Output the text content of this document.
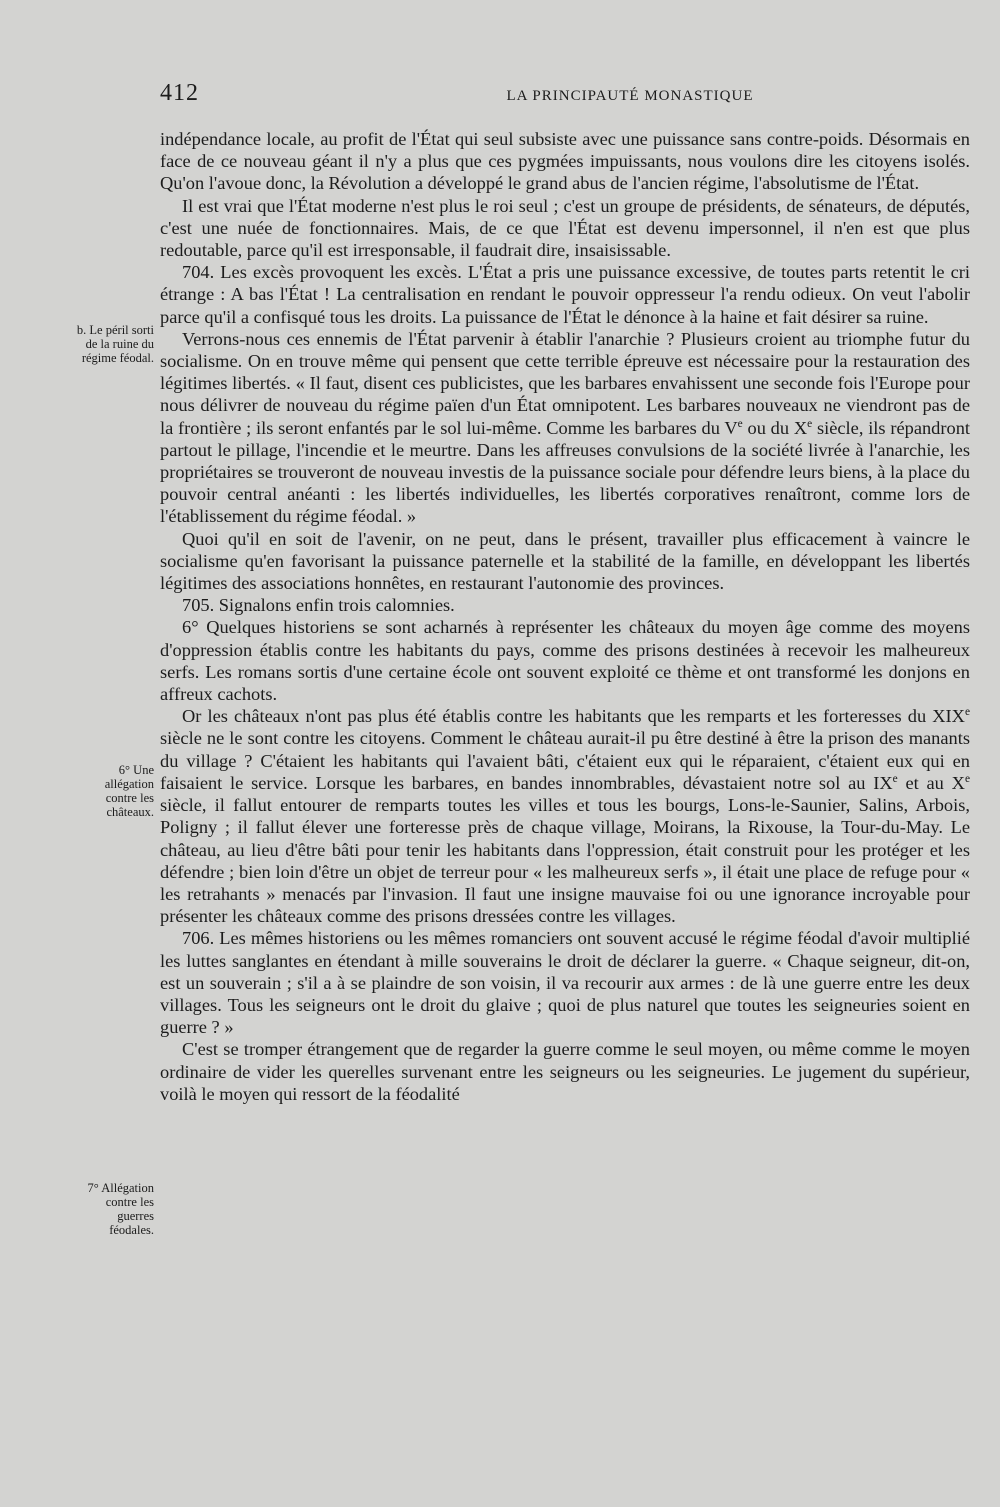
412	LA PRINCIPAUTÉ MONASTIQUE
b. Le péril sorti de la ruine du régime féodal.
6° Une allégation contre les châteaux.
7° Allégation contre les guerres féodales.

indépendance locale, au profit de l'État qui seul subsiste avec une puissance sans contre-poids. Désormais en face de ce nouveau géant il n'y a plus que ces pygmées impuissants, nous voulons dire les citoyens isolés. Qu'on l'avoue donc, la Révolution a développé le grand abus de l'ancien régime, l'absolutisme de l'État.

Il est vrai que l'État moderne n'est plus le roi seul ; c'est un groupe de présidents, de sénateurs, de députés, c'est une nuée de fonctionnaires. Mais, de ce que l'État est devenu impersonnel, il n'en est que plus redoutable, parce qu'il est irresponsable, il faudrait dire, insaisissable.

704. Les excès provoquent les excès. L'État a pris une puissance excessive, de toutes parts retentit le cri étrange : A bas l'État ! La centralisation en rendant le pouvoir oppresseur l'a rendu odieux. On veut l'abolir parce qu'il a confisqué tous les droits. La puissance de l'État le dénonce à la haine et fait désirer sa ruine.

Verrons-nous ces ennemis de l'État parvenir à établir l'anarchie ? Plusieurs croient au triomphe futur du socialisme. On en trouve même qui pensent que cette terrible épreuve est nécessaire pour la restauration des légitimes libertés. « Il faut, disent ces publicistes, que les barbares envahissent une seconde fois l'Europe pour nous délivrer de nouveau du régime païen d'un État omnipotent. Les barbares nouveaux ne viendront pas de la frontière ; ils seront enfantés par le sol lui-même. Comme les barbares du Ve ou du Xe siècle, ils répandront partout le pillage, l'incendie et le meurtre. Dans les affreuses convulsions de la société livrée à l'anarchie, les propriétaires se trouveront de nouveau investis de la puissance sociale pour défendre leurs biens, à la place du pouvoir central anéanti : les libertés individuelles, les libertés corporatives renaîtront, comme lors de l'établissement du régime féodal. »

Quoi qu'il en soit de l'avenir, on ne peut, dans le présent, travailler plus efficacement à vaincre le socialisme qu'en favorisant la puissance paternelle et la stabilité de la famille, en développant les libertés légitimes des associations honnêtes, en restaurant l'autonomie des provinces.

705. Signalons enfin trois calomnies.

6° Quelques historiens se sont acharnés à représenter les châteaux du moyen âge comme des moyens d'oppression établis contre les habitants du pays, comme des prisons destinées à recevoir les malheureux serfs. Les romans sortis d'une certaine école ont souvent exploité ce thème et ont transformé les donjons en affreux cachots.

Or les châteaux n'ont pas plus été établis contre les habitants que les remparts et les forteresses du XIXe siècle ne le sont contre les citoyens. Comment le château aurait-il pu être destiné à être la prison des manants du village ? C'étaient les habitants qui l'avaient bâti, c'étaient eux qui le réparaient, c'étaient eux qui en faisaient le service. Lorsque les barbares, en bandes innombrables, dévastaient notre sol au IXe et au Xe siècle, il fallut entourer de remparts toutes les villes et tous les bourgs, Lons-le-Saunier, Salins, Arbois, Poligny ; il fallut élever une forteresse près de chaque village, Moirans, la Rixouse, la Tour-du-May. Le château, au lieu d'être bâti pour tenir les habitants dans l'oppression, était construit pour les protéger et les défendre ; bien loin d'être un objet de terreur pour « les malheureux serfs », il était une place de refuge pour « les retrahants » menacés par l'invasion. Il faut une insigne mauvaise foi ou une ignorance incroyable pour présenter les châteaux comme des prisons dressées contre les villages.

706. Les mêmes historiens ou les mêmes romanciers ont souvent accusé le régime féodal d'avoir multiplié les luttes sanglantes en étendant à mille souverains le droit de déclarer la guerre. « Chaque seigneur, dit-on, est un souverain ; s'il a à se plaindre de son voisin, il va recourir aux armes : de là une guerre entre les deux villages. Tous les seigneurs ont le droit du glaive ; quoi de plus naturel que toutes les seigneuries soient en guerre ? »

C'est se tromper étrangement que de regarder la guerre comme le seul moyen, ou même comme le moyen ordinaire de vider les querelles survenant entre les seigneurs ou les seigneuries. Le jugement du supérieur, voilà le moyen qui ressort de la féodalité
